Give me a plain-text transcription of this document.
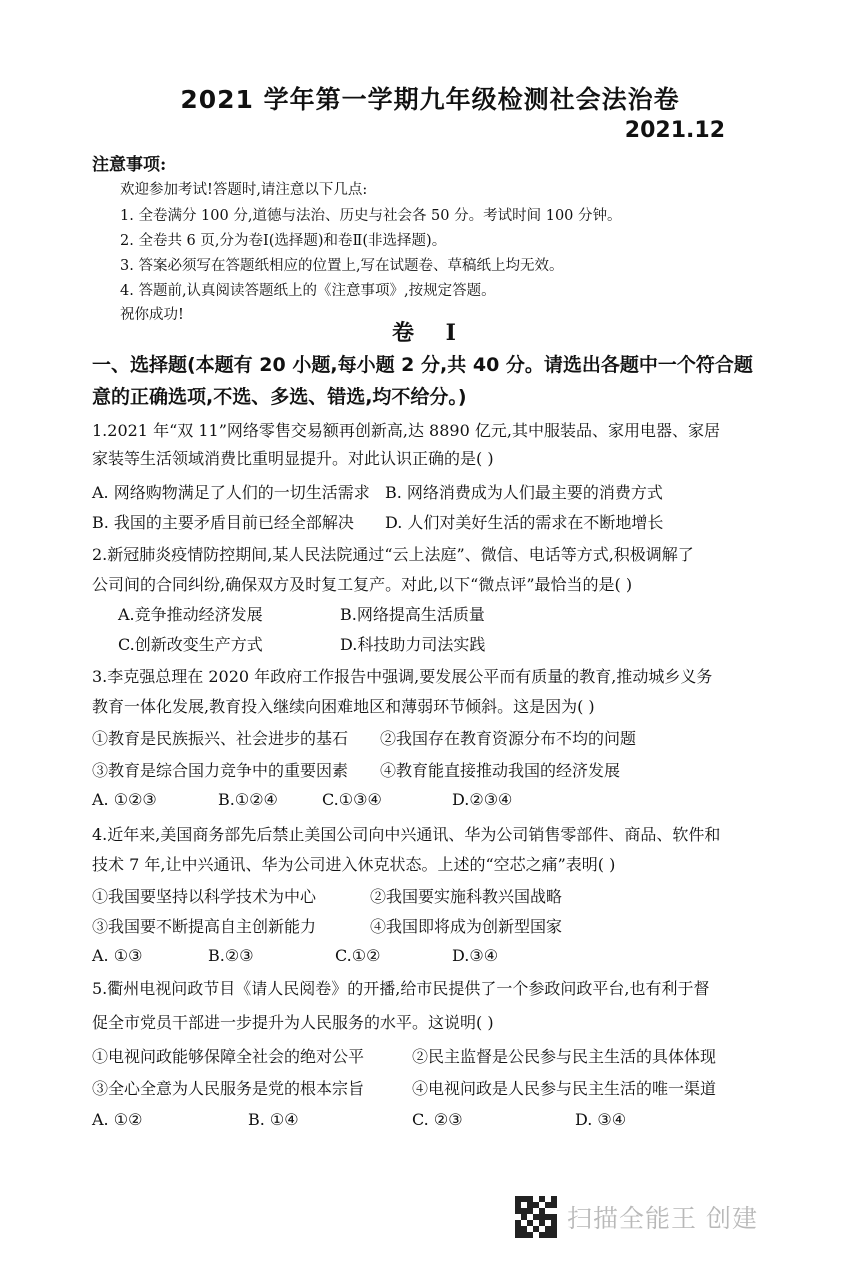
2021 学年第一学期九年级检测社会法治卷
2021.12
注意事项:
欢迎参加考试!答题时,请注意以下几点:
1. 全卷满分 100 分,道德与法治、历史与社会各 50 分。考试时间 100 分钟。
2. 全卷共 6 页,分为卷Ⅰ(选择题)和卷Ⅱ(非选择题)。
3. 答案必须写在答题纸相应的位置上,写在试题卷、草稿纸上均无效。
4. 答题前,认真阅读答题纸上的《注意事项》,按规定答题。
祝你成功!
卷 Ⅰ
一、选择题(本题有 20 小题,每小题 2 分,共 40 分。请选出各题中一个符合题
意的正确选项,不选、多选、错选,均不给分。)
1.2021 年“双 11”网络零售交易额再创新高,达 8890 亿元,其中服装品、家用电器、家居
家装等生活领域消费比重明显提升。对此认识正确的是( )
A. 网络购物满足了人们的一切生活需求 B. 网络消费成为人们最主要的消费方式
B. 我国的主要矛盾目前已经全部解决 D. 人们对美好生活的需求在不断地增长
2.新冠肺炎疫情防控期间,某人民法院通过“云上法庭”、微信、电话等方式,积极调解了
公司间的合同纠纷,确保双方及时复工复产。对此,以下“微点评”最恰当的是( )
A.竞争推动经济发展	B.网络提高生活质量
C.创新改变生产方式	D.科技助力司法实践
3.李克强总理在 2020 年政府工作报告中强调,要发展公平而有质量的教育,推动城乡义务
教育一体化发展,教育投入继续向困难地区和薄弱环节倾斜。这是因为( )
①教育是民族振兴、社会进步的基石 ②我国存在教育资源分布不均的问题
③教育是综合国力竞争中的重要因素 ④教育能直接推动我国的经济发展
A. ①②③	B.①②④	C.①③④	D.②③④
4.近年来,美国商务部先后禁止美国公司向中兴通讯、华为公司销售零部件、商品、软件和
技术 7 年,让中兴通讯、华为公司进入休克状态。上述的“空芯之痛”表明( )
①我国要坚持以科学技术为中心	②我国要实施科教兴国战略
③我国要不断提高自主创新能力	④我国即将成为创新型国家
A. ①③	B.②③	C.①②	D.③④
5.衢州电视问政节目《请人民阅卷》的开播,给市民提供了一个参政问政平台,也有利于督
促全市党员干部进一步提升为人民服务的水平。这说明( )
①电视问政能够保障全社会的绝对公平	②民主监督是公民参与民主生活的具体体现
③全心全意为人民服务是党的根本宗旨	④电视问政是人民参与民主生活的唯一渠道
A. ①②	B. ①④	C. ②③	D. ③④
扫描全能王 创建
